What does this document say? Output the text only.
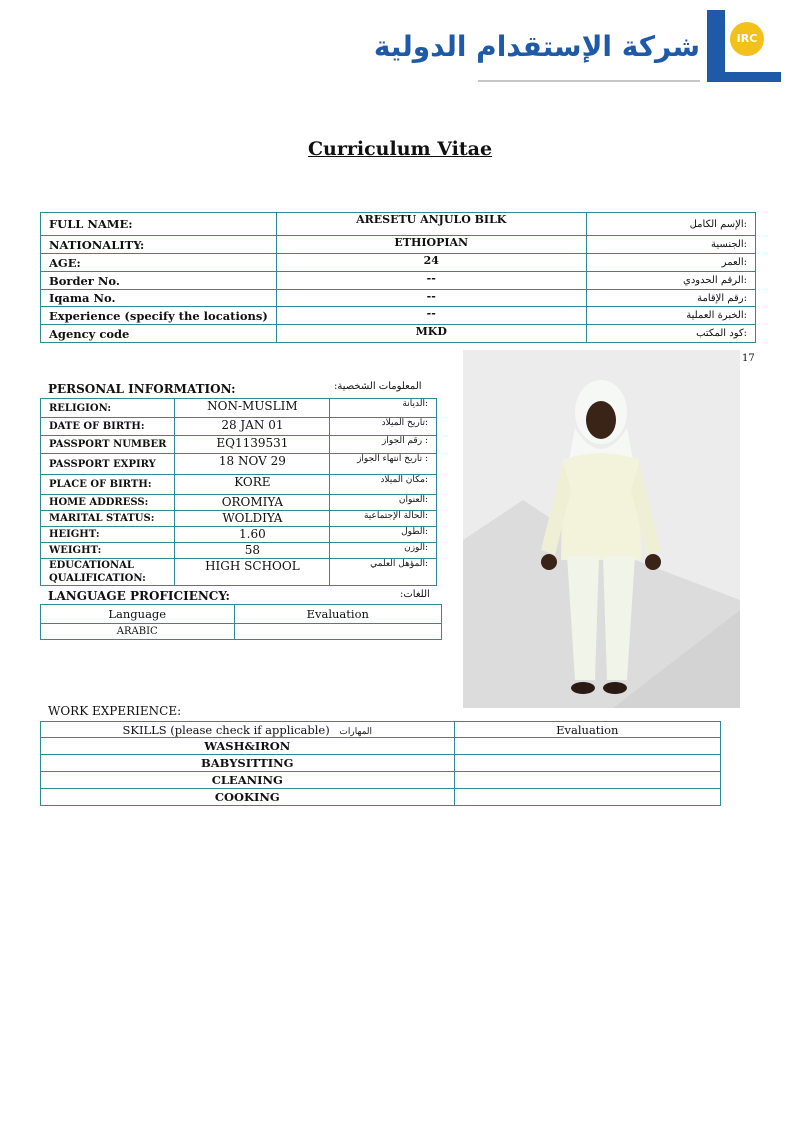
شركة الإستقدام الدولية	IRC
Curriculum Vitae
FULL NAME:	ARESETU ANJULO BILK	الإسم الكامل:
NATIONALITY:	ETHIOPIAN	الجنسية:
AGE:	24	العمر:
Border No.	--	الرقم الحدودي:
Iqama No.	--	رقم الإقامة:
Experience (specify the locations)	--	الخبرة العملية:
Agency code	MKD	كود المكتب:
17
PERSONAL INFORMATION:	المعلومات الشخصية:
RELIGION:	NON-MUSLIM	الديانة:
DATE OF BIRTH:	28 JAN 01	تاريخ الميلاد:
PASSPORT NUMBER	EQ1139531	رقم الجواز :
PASSPORT EXPIRY	18 NOV 29	تاريخ انتهاء الجواز :
PLACE OF BIRTH:	KORE	مكان الميلاد:
HOME ADDRESS:	OROMIYA	العنوان:
MARITAL STATUS:	WOLDIYA	الحالة الإجتماعية:
HEIGHT:	1.60	الطول:
WEIGHT:	58	الوزن:
EDUCATIONAL QUALIFICATION:	HIGH SCHOOL	المؤهل العلمي:
LANGUAGE PROFICIENCY:	اللغات:
Language	Evaluation
ARABIC	
WORK EXPERIENCE:
SKILLS (please check if applicable) المهارات	Evaluation
WASH&IRON	
BABYSITTING	
CLEANING	
COOKING	
